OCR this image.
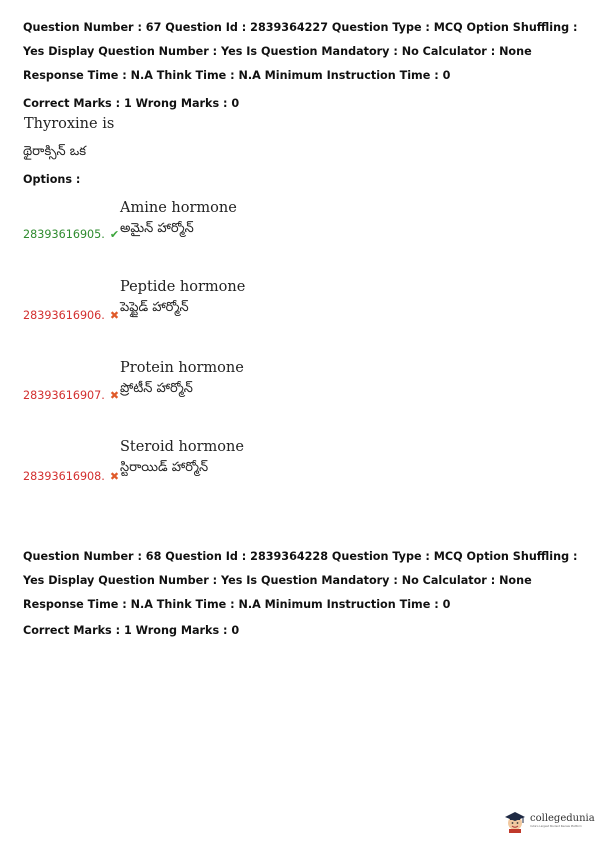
Question Number : 67 Question Id : 2839364227 Question Type : MCQ Option Shuffling : Yes Display Question Number : Yes Is Question Mandatory : No Calculator : None Response Time : N.A Think Time : N.A Minimum Instruction Time : 0
Correct Marks : 1 Wrong Marks : 0
Thyroxine is
థైరాక్సిన్ ఒక
Options :
Amine hormone
28393616905. ✔ అమైన్ హార్మోన్
Peptide hormone
28393616906. ✖
పెప్టైడ్ హార్మోన్
Protein hormone
28393616907. ✖ ప్రోటీన్ హార్మోన్
Steroid hormone
28393616908. ✖
స్టిరాయిడ్ హార్మోన్
Question Number : 68 Question Id : 2839364228 Question Type : MCQ Option Shuffling : Yes Display Question Number : Yes Is Question Mandatory : No Calculator : None Response Time : N.A Think Time : N.A Minimum Instruction Time : 0
Correct Marks : 1 Wrong Marks : 0
collegedunia
India's Largest Student Review Platform
